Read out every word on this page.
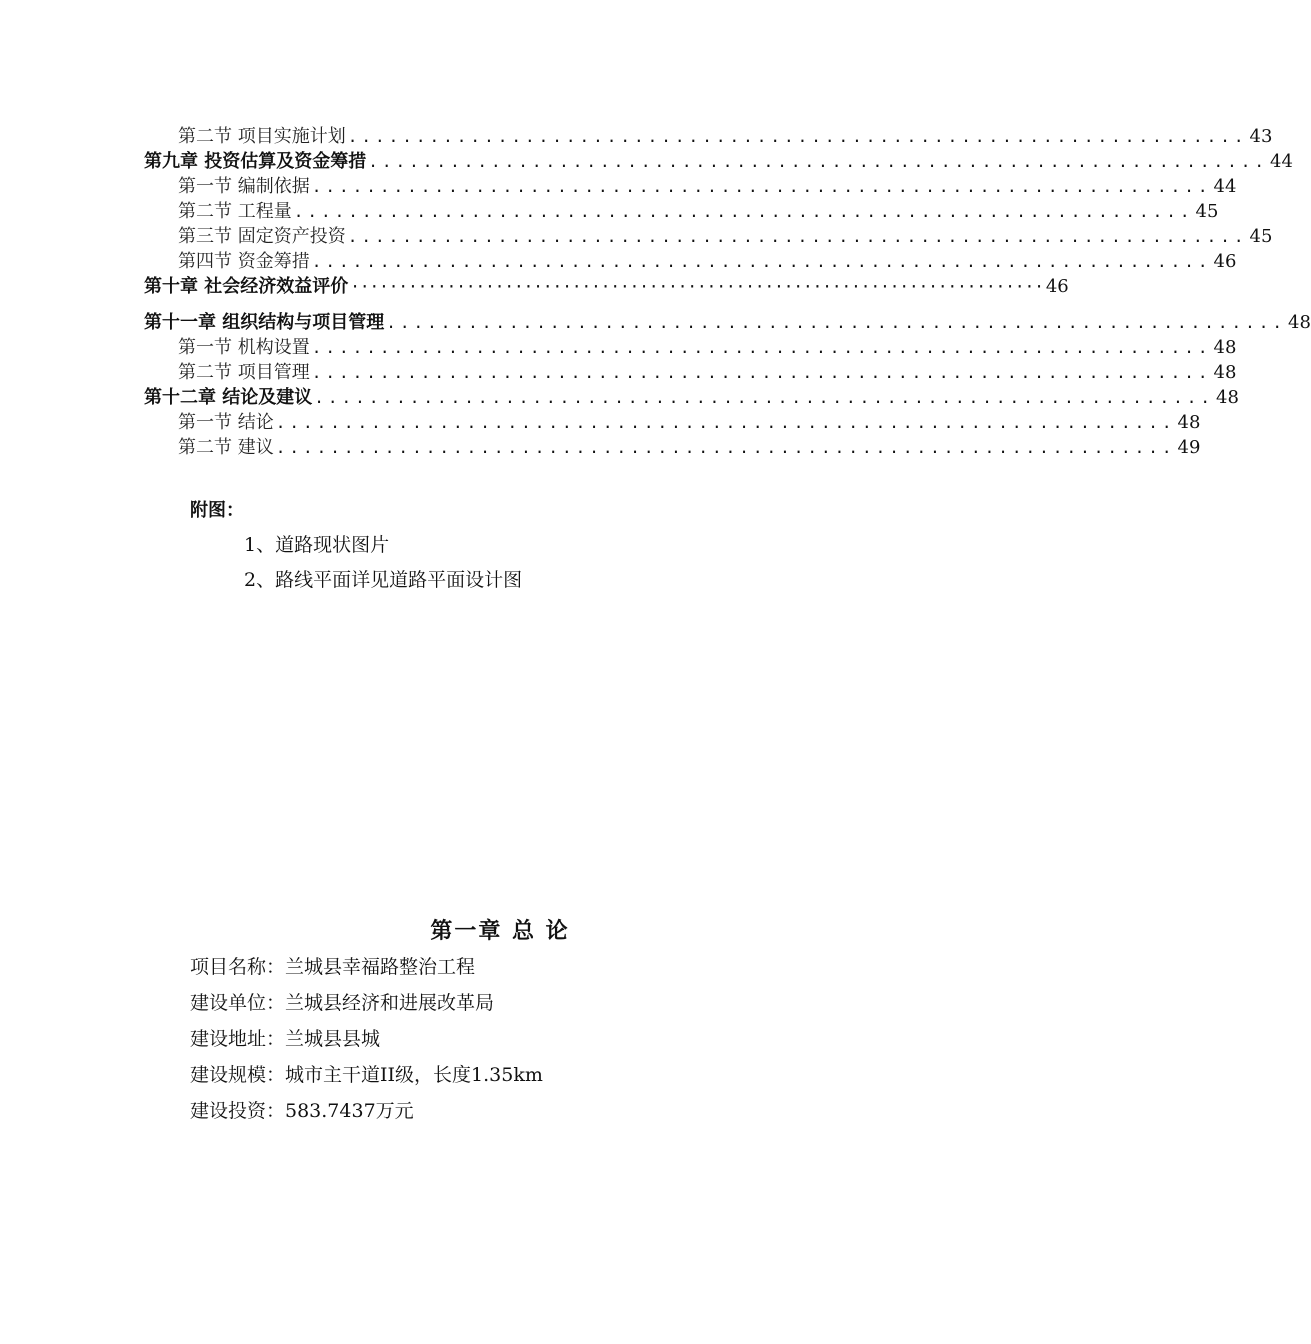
第二节 项目实施计划 .................................................................. 43
第九章 投资估算及资金筹措 .................................................................. 44
第一节 编制依据 .................................................................. 44
第二节 工程量 .................................................................. 45
第三节 固定资产投资 .................................................................. 45
第四节 资金筹措 .................................................................. 46
第十章 社会经济效益评价 ········································································ 46
第十一章 组织结构与项目管理 .................................................................. 48
第一节 机构设置 .................................................................. 48
第二节 项目管理 .................................................................. 48
第十二章 结论及建议 .................................................................. 48
第一节 结论 .................................................................. 48
第二节 建议 .................................................................. 49
附图：
1、道路现状图片
2、路线平面详见道路平面设计图
第一章 总 论
项目名称：兰城县幸福路整治工程
建设单位：兰城县经济和进展改革局
建设地址：兰城县县城
建设规模：城市主干道II级，长度1.35km
建设投资：583.7437万元
